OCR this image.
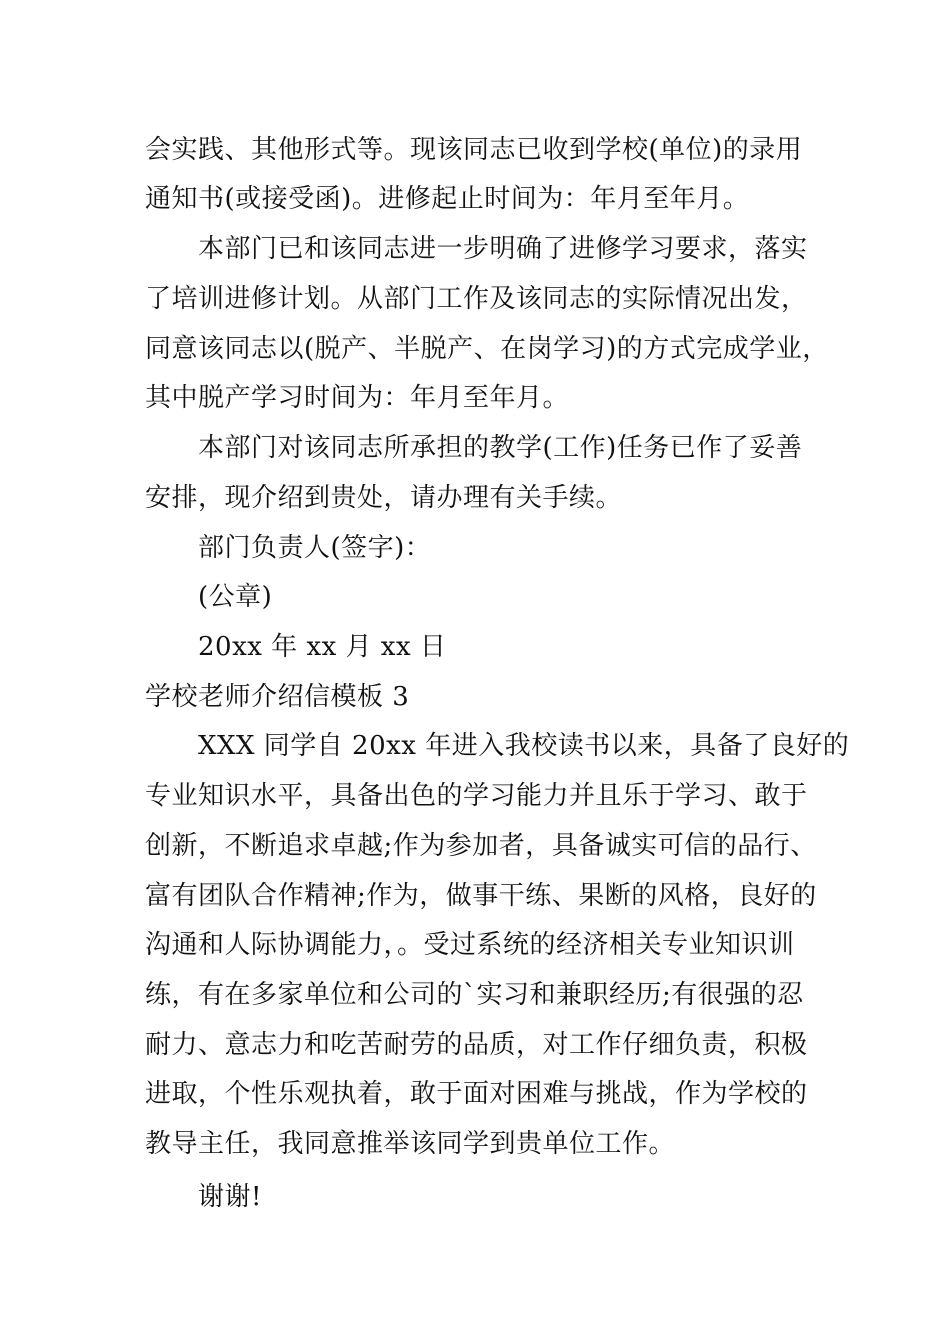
会实践、其他形式等。现该同志已收到学校(单位)的录用
通知书(或接受函)。进修起止时间为：年月至年月。
本部门已和该同志进一步明确了进修学习要求，落实
了培训进修计划。从部门工作及该同志的实际情况出发，
同意该同志以(脱产、半脱产、在岗学习)的方式完成学业，
其中脱产学习时间为：年月至年月。
本部门对该同志所承担的教学(工作)任务已作了妥善
安排，现介绍到贵处，请办理有关手续。
部门负责人(签字)：
(公章)
20xx 年 xx 月 xx 日
学校老师介绍信模板 3
XXX 同学自 20xx 年进入我校读书以来，具备了良好的
专业知识水平，具备出色的学习能力并且乐于学习、敢于
创新，不断追求卓越;作为参加者，具备诚实可信的品行、
富有团队合作精神;作为，做事干练、果断的风格，良好的
沟通和人际协调能力，。受过系统的经济相关专业知识训
练，有在多家单位和公司的`实习和兼职经历;有很强的忍
耐力、意志力和吃苦耐劳的品质，对工作仔细负责，积极
进取，个性乐观执着，敢于面对困难与挑战，作为学校的
教导主任，我同意推举该同学到贵单位工作。
谢谢!
